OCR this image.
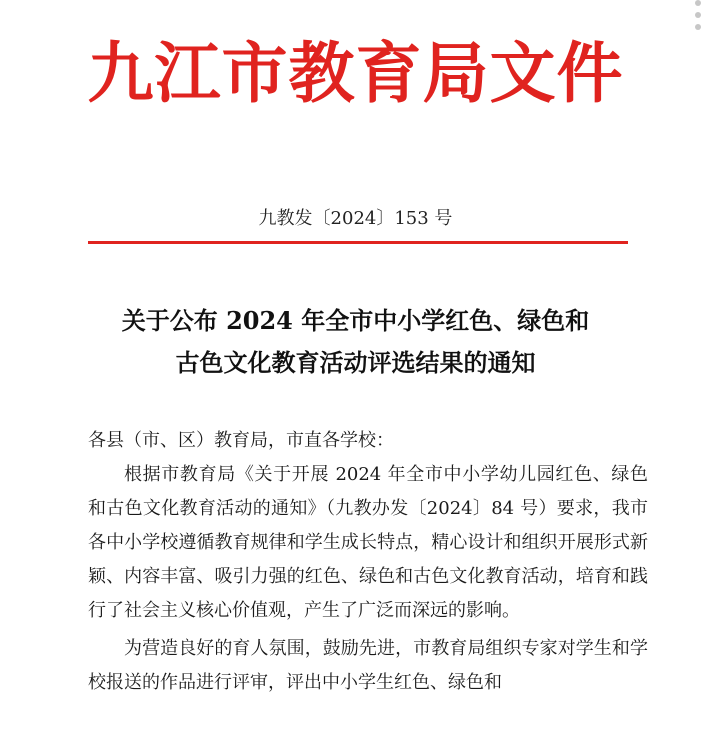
九江市教育局文件
九教发〔2024〕153 号
关于公布 2024 年全市中小学红色、绿色和
古色文化教育活动评选结果的通知
各县（市、区）教育局，市直各学校：

根据市教育局《关于开展 2024 年全市中小学幼儿园红色、绿色和古色文化教育活动的通知》（九教办发〔2024〕84 号）要求，我市各中小学校遵循教育规律和学生成长特点，精心设计和组织开展形式新颖、内容丰富、吸引力强的红色、绿色和古色文化教育活动，培育和践行了社会主义核心价值观，产生了广泛而深远的影响。

为营造良好的育人氛围，鼓励先进，市教育局组织专家对学生和学校报送的作品进行评审，评出中小学生红色、绿色和
